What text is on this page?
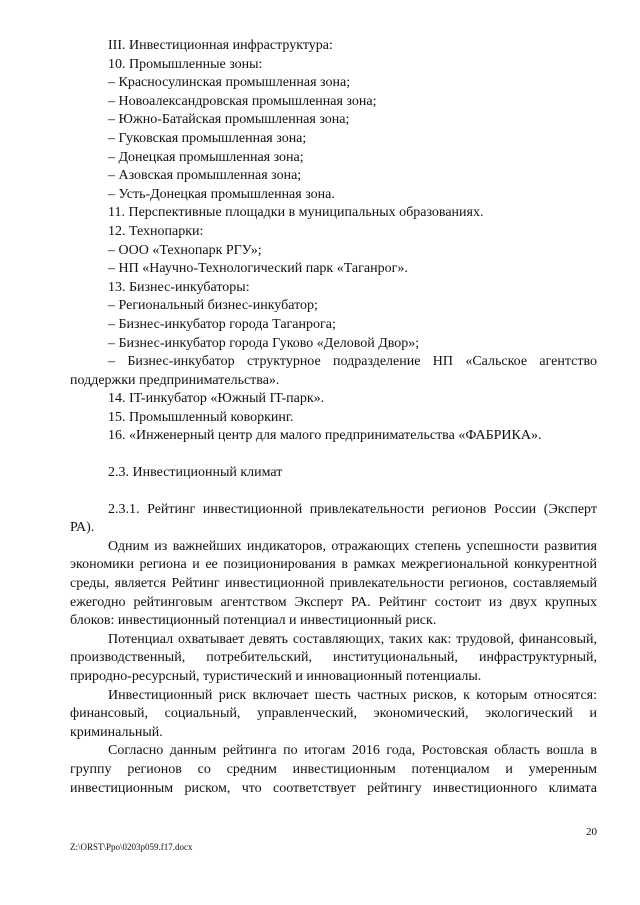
III. Инвестиционная инфраструктура:

10. Промышленные зоны:

– Красносулинская промышленная зона;

– Новоалександровская промышленная зона;

– Южно-Батайская промышленная зона;

– Гуковская промышленная зона;

– Донецкая промышленная зона;

– Азовская промышленная зона;

– Усть-Донецкая промышленная зона.

11. Перспективные площадки в муниципальных образованиях.

12. Технопарки:

– ООО «Технопарк РГУ»;

– НП «Научно-Технологический парк «Таганрог».

13. Бизнес-инкубаторы:

– Региональный бизнес-инкубатор;

– Бизнес-инкубатор города Таганрога;

– Бизнес-инкубатор города Гуково «Деловой Двор»;

– Бизнес-инкубатор структурное подразделение НП «Сальское агентство поддержки предпринимательства».

14. IT-инкубатор «Южный IT-парк».

15. Промышленный коворкинг.

16. «Инженерный центр для малого предпринимательства «ФАБРИКА».

2.3. Инвестиционный климат

2.3.1. Рейтинг инвестиционной привлекательности регионов России (Эксперт РА).

Одним из важнейших индикаторов, отражающих степень успешности развития экономики региона и ее позиционирования в рамках межрегиональной конкурентной среды, является Рейтинг инвестиционной привлекательности регионов, составляемый ежегодно рейтинговым агентством Эксперт РА. Рейтинг состоит из двух крупных блоков: инвестиционный потенциал и инвестиционный риск.

Потенциал охватывает девять составляющих, таких как: трудовой, финансовый, производственный, потребительский, институциональный, инфраструктурный, природно-ресурсный, туристический и инновационный потенциалы.

Инвестиционный риск включает шесть частных рисков, к которым относятся: финансовый, социальный, управленческий, экономический, экологический и криминальный.

Согласно данным рейтинга по итогам 2016 года, Ростовская область вошла в группу регионов со средним инвестиционным потенциалом и умеренным инвестиционным риском, что соответствует рейтингу инвестиционного климата

20
Z:\ORST\Ppo\0203p059.f17.docx
